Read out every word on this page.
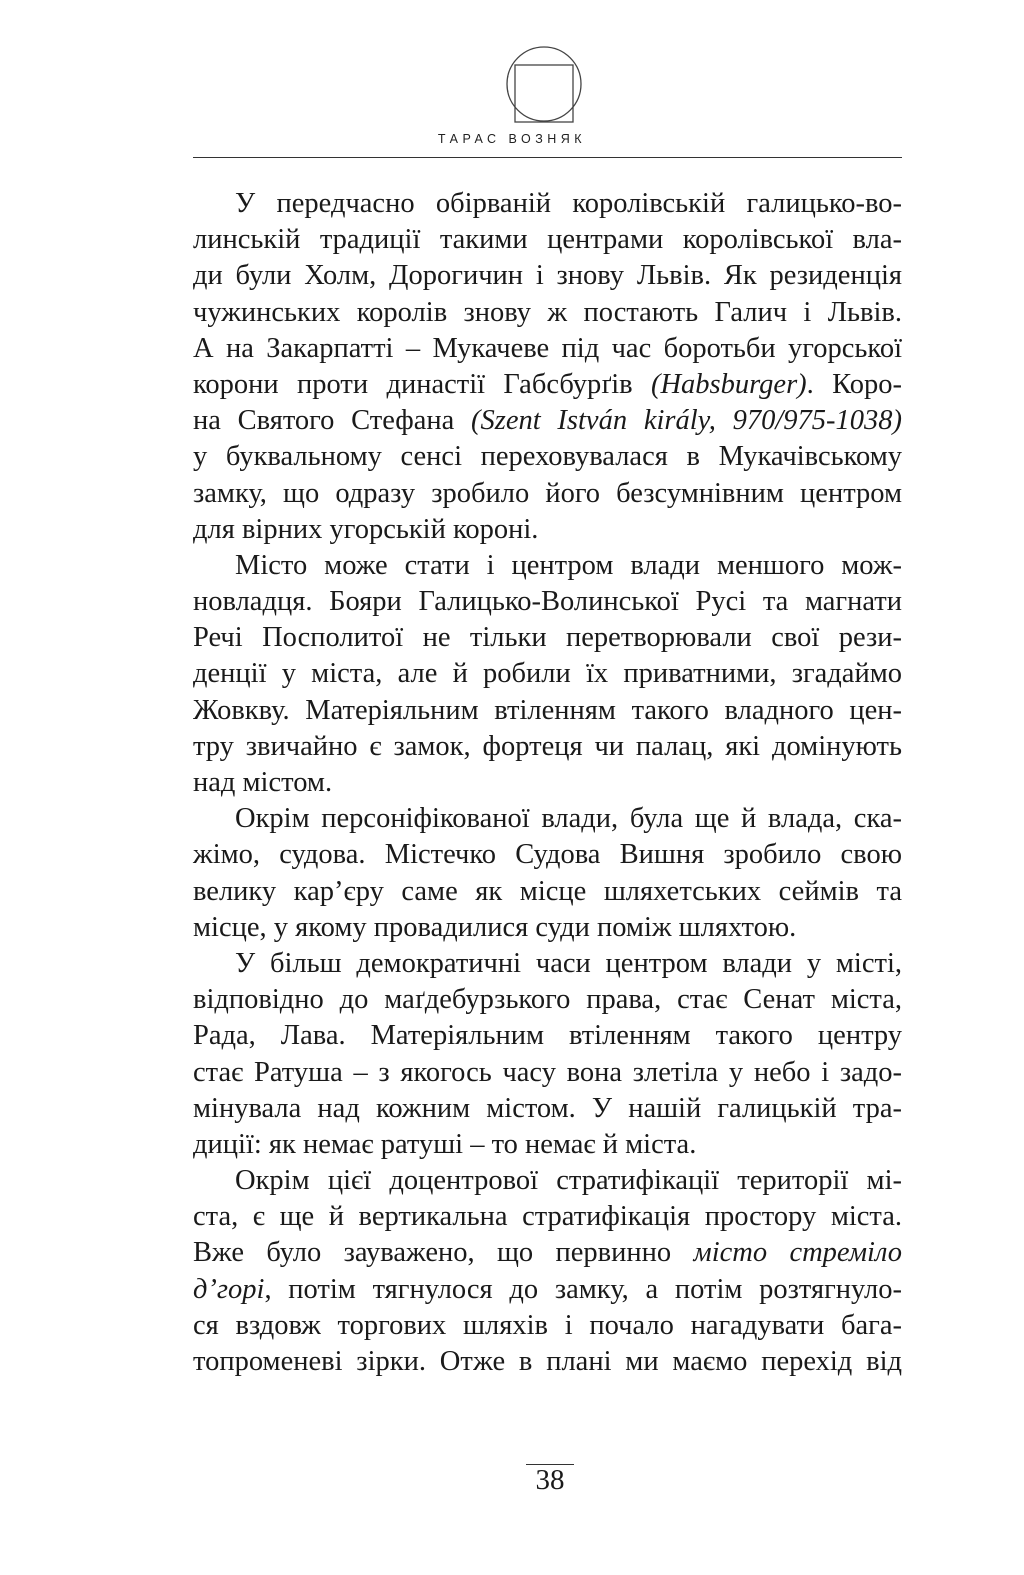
ТАРАС ВОЗНЯК
У передчасно обірваній королівській галицько-во-
линській традиції такими центрами королівської вла-
ди були Холм, Дорогичин і знову Львів. Як резиденція
чужинських королів знову ж постають Галич і Львів.
А на Закарпатті – Мукачеве під час боротьби угорської
корони проти династії Габсбурґів (Habsburger). Коро-
на Святого Стефана (Szent István király, 970/975-1038)
у буквальному сенсі переховувалася в Мукачівському
замку, що одразу зробило його безсумнівним центром
для вірних угорській короні.
Місто може стати і центром влади меншого мож-
новладця. Бояри Галицько-Волинської Русі та магнати
Речі Посполитої не тільки перетворювали свої рези-
денції у міста, але й робили їх приватними, згадаймо
Жовкву. Матеріяльним втіленням такого владного цен-
тру звичайно є замок, фортеця чи палац, які домінують
над містом.
Окрім персоніфікованої влади, була ще й влада, ска-
жімо, судова. Містечко Судова Вишня зробило свою
велику кар’єру саме як місце шляхетських сеймів та
місце, у якому провадилися суди поміж шляхтою.
У більш демократичні часи центром влади у місті,
відповідно до маґдебурзького права, стає Сенат міста,
Рада, Лава. Матеріяльним втіленням такого центру
стає Ратуша – з якогось часу вона злетіла у небо і задо-
мінувала над кожним містом. У нашій галицькій тра-
диції: як немає ратуші – то немає й міста.
Окрім цієї доцентрової стратифікації території мі-
ста, є ще й вертикальна стратифікація простору міста.
Вже було зауважено, що первинно місто стреміло
д’горі, потім тягнулося до замку, а потім розтягнуло-
ся вздовж торгових шляхів і почало нагадувати бага-
топроменеві зірки. Отже в плані ми маємо перехід від
38
